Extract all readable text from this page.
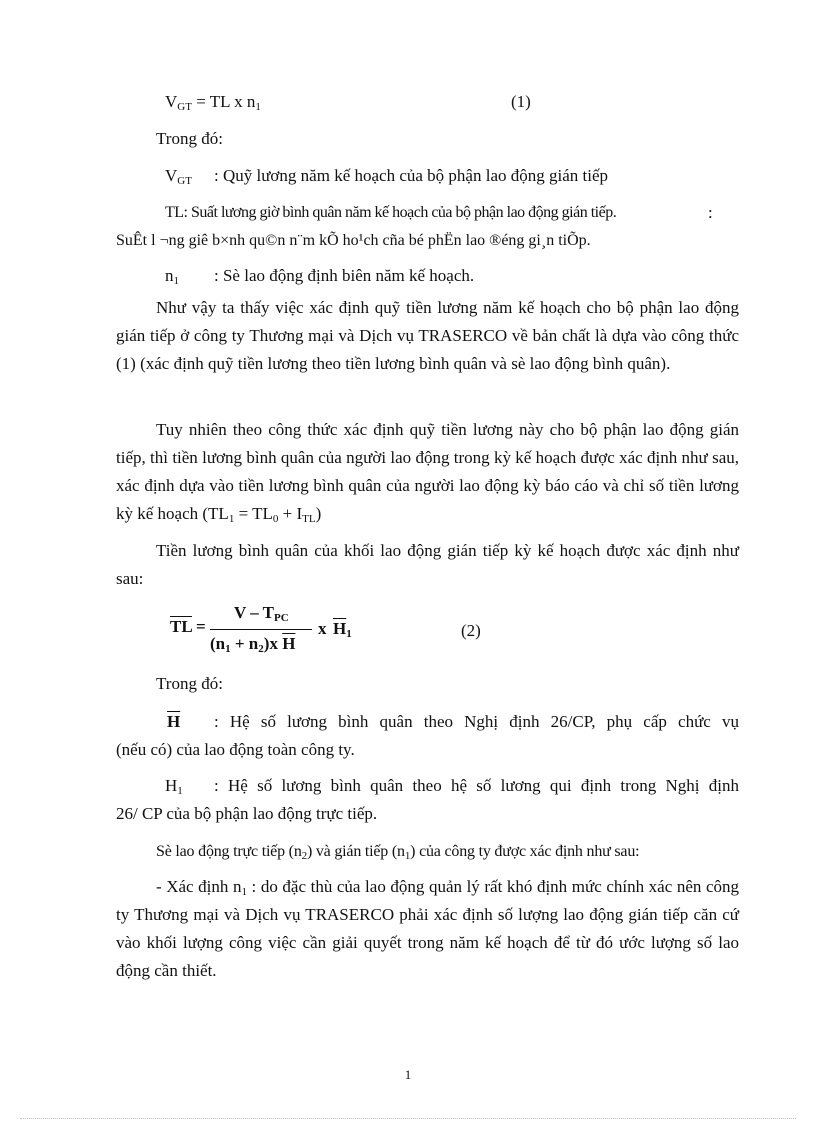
$V_{GT}$ = TL x $n_1$	(1)
Trong đó:
$V_{GT}$ : Quỹ lương năm kế hoạch của bộ phận lao động gián tiếp
TL: Suất lương giờ bình quân năm kế hoạch của bộ phận lao động gián tiếp.	:
SuÊt l ¬ng giê b×nh qu©n n¨m kÕ ho¹ch cña bé phËn lao ®éng gi¸n tiÕp.
$n_1$ : Sè lao động định biên năm kế hoạch.
Như vậy ta thấy việc xác định quỹ tiền lương năm kế hoạch cho bộ phận lao động gián tiếp ở công ty Thương mại và Dịch vụ TRASERCO về bản chất là dựa vào công thức (1) (xác định quỹ tiền lương theo tiền lương bình quân và sè lao động bình quân).
Tuy nhiên theo công thức xác định quỹ tiền lương này cho bộ phận lao động gián tiếp, thì tiền lương bình quân của người lao động trong kỳ kế hoạch được xác định như sau, xác định dựa vào tiền lương bình quân của người lao động kỳ báo cáo và chỉ số tiền lương kỳ kế hoạch $(TL_1 = TL_0 + I_{TL})$
Tiền lương bình quân của khối lao động gián tiếp kỳ kế hoạch được xác định như sau:
TL =
V – $T_{PC}$
$(n_1 + n_2)x$ $\overline{H}$
x $\overline{H}_1$	(2)
Trong đó:
$\overline{H}$ : Hệ số lương bình quân theo Nghị định 26/CP, phụ cấp chức vụ
(nếu có) của lao động toàn công ty.
$H_1$ : Hệ số lương bình quân theo hệ số lương qui định trong Nghị định
26/ CP của bộ phận lao động trực tiếp.
Sè lao động trực tiếp $(n_2)$ và gián tiếp $(n_1)$ của công ty được xác định như sau:
- Xác định $n_1$ : do đặc thù của lao động quản lý rất khó định mức chính xác nên công ty Thương mại và Dịch vụ TRASERCO phải xác định số lượng lao động gián tiếp căn cứ vào khối lượng công việc cần giải quyết trong năm kế hoạch để từ đó ước lượng số lao động cần thiết.
1
